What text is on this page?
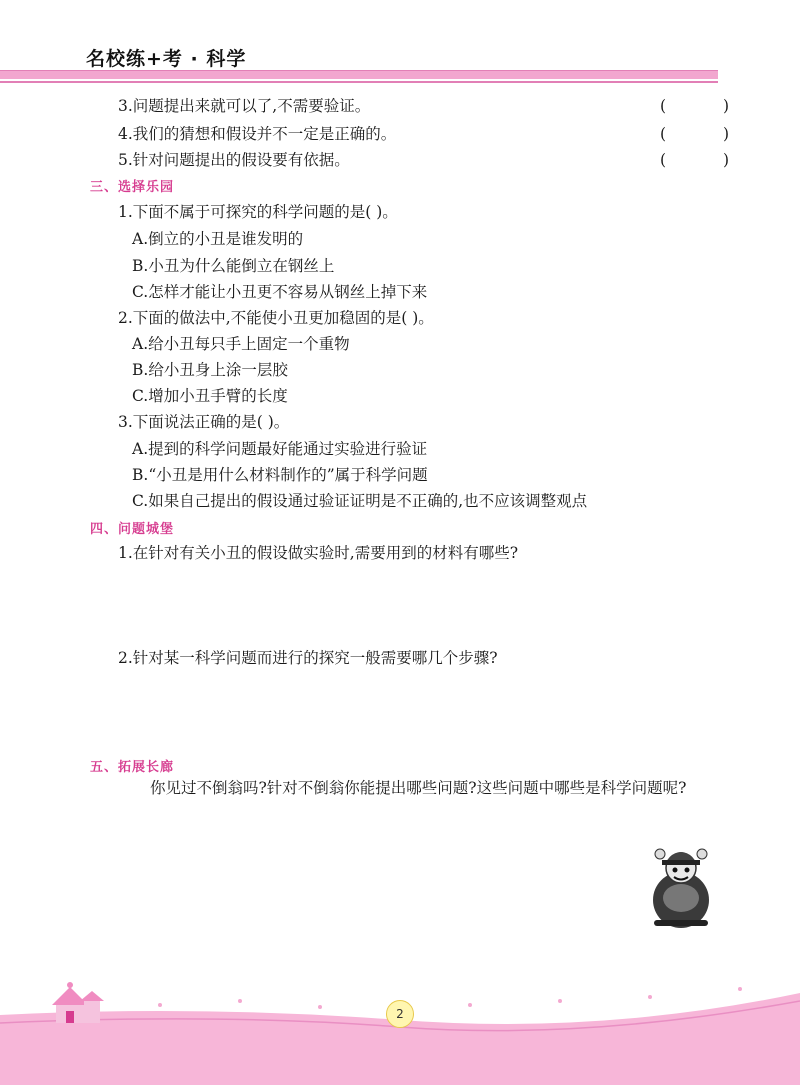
名校练+考 · 科学
3.问题提出来就可以了,不需要验证。	( )
4.我们的猜想和假设并不一定是正确的。	( )
5.针对问题提出的假设要有依据。	( )
三、选择乐园
1.下面不属于可探究的科学问题的是( )。
A.倒立的小丑是谁发明的
B.小丑为什么能倒立在钢丝上
C.怎样才能让小丑更不容易从钢丝上掉下来
2.下面的做法中,不能使小丑更加稳固的是( )。
A.给小丑每只手上固定一个重物
B.给小丑身上涂一层胶
C.增加小丑手臂的长度
3.下面说法正确的是( )。
A.提到的科学问题最好能通过实验进行验证
B.“小丑是用什么材料制作的”属于科学问题
C.如果自己提出的假设通过验证证明是不正确的,也不应该调整观点
四、问题城堡
1.在针对有关小丑的假设做实验时,需要用到的材料有哪些?
2.针对某一科学问题而进行的探究一般需要哪几个步骤?
五、拓展长廊
你见过不倒翁吗?针对不倒翁你能提出哪些问题?这些问题中哪些是科学问题呢?
2
